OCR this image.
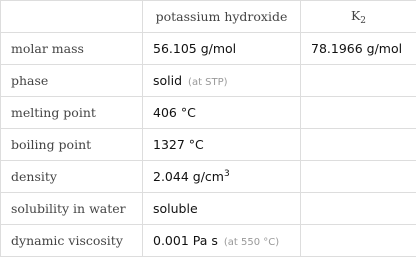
	potassium hydroxide	$K_2$
molar mass	56.105 g/mol	78.1966 g/mol
phase	solid (at STP)	
melting point	406 °C	
boiling point	1327 °C	
density	2.044 $g/cm^3$	
solubility in water	soluble	
dynamic viscosity	0.001 Pa s (at 550 °C)	
